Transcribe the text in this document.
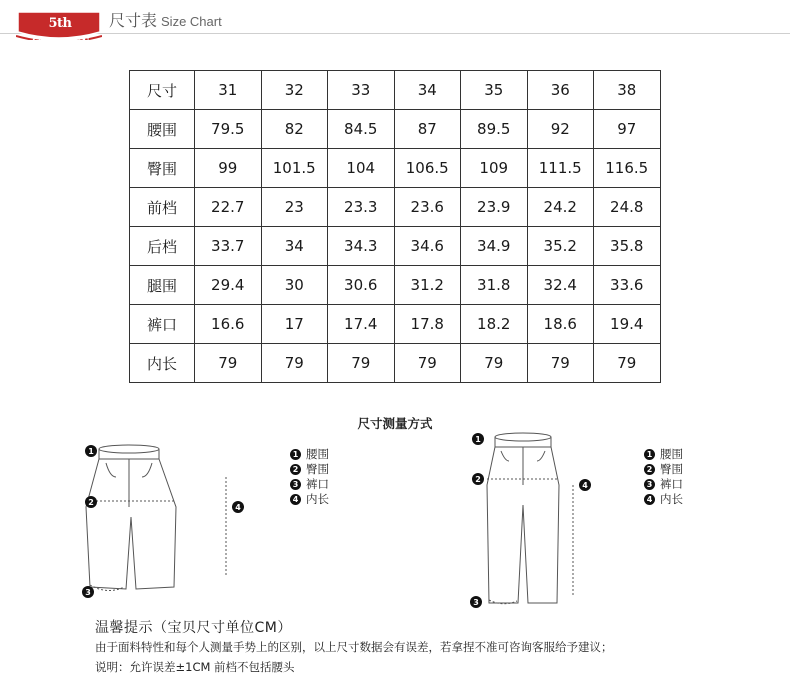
5th STREET
尺寸表 Size Chart
尺寸	31	32	33	34	35	36	38
腰围	79.5	82	84.5	87	89.5	92	97
臀围	99	101.5	104	106.5	109	111.5	116.5
前档	22.7	23	23.3	23.6	23.9	24.2	24.8
后档	33.7	34	34.3	34.6	34.9	35.2	35.8
腿围	29.4	30	30.6	31.2	31.8	32.4	33.6
裤口	16.6	17	17.4	17.8	18.2	18.6	19.4
内长	79	79	79	79	79	79	79
尺寸测量方式
1
2
3
4
1 腰围
2 臀围
3 裤口
4 内长
1
2
3
4
1 腰围
2 臀围
3 裤口
4 内长
温馨提示（宝贝尺寸单位CM）
由于面料特性和每个人测量手势上的区别，以上尺寸数据会有误差，若拿捏不准可咨询客服给予建议；
说明：允许误差±1CM 前档不包括腰头
